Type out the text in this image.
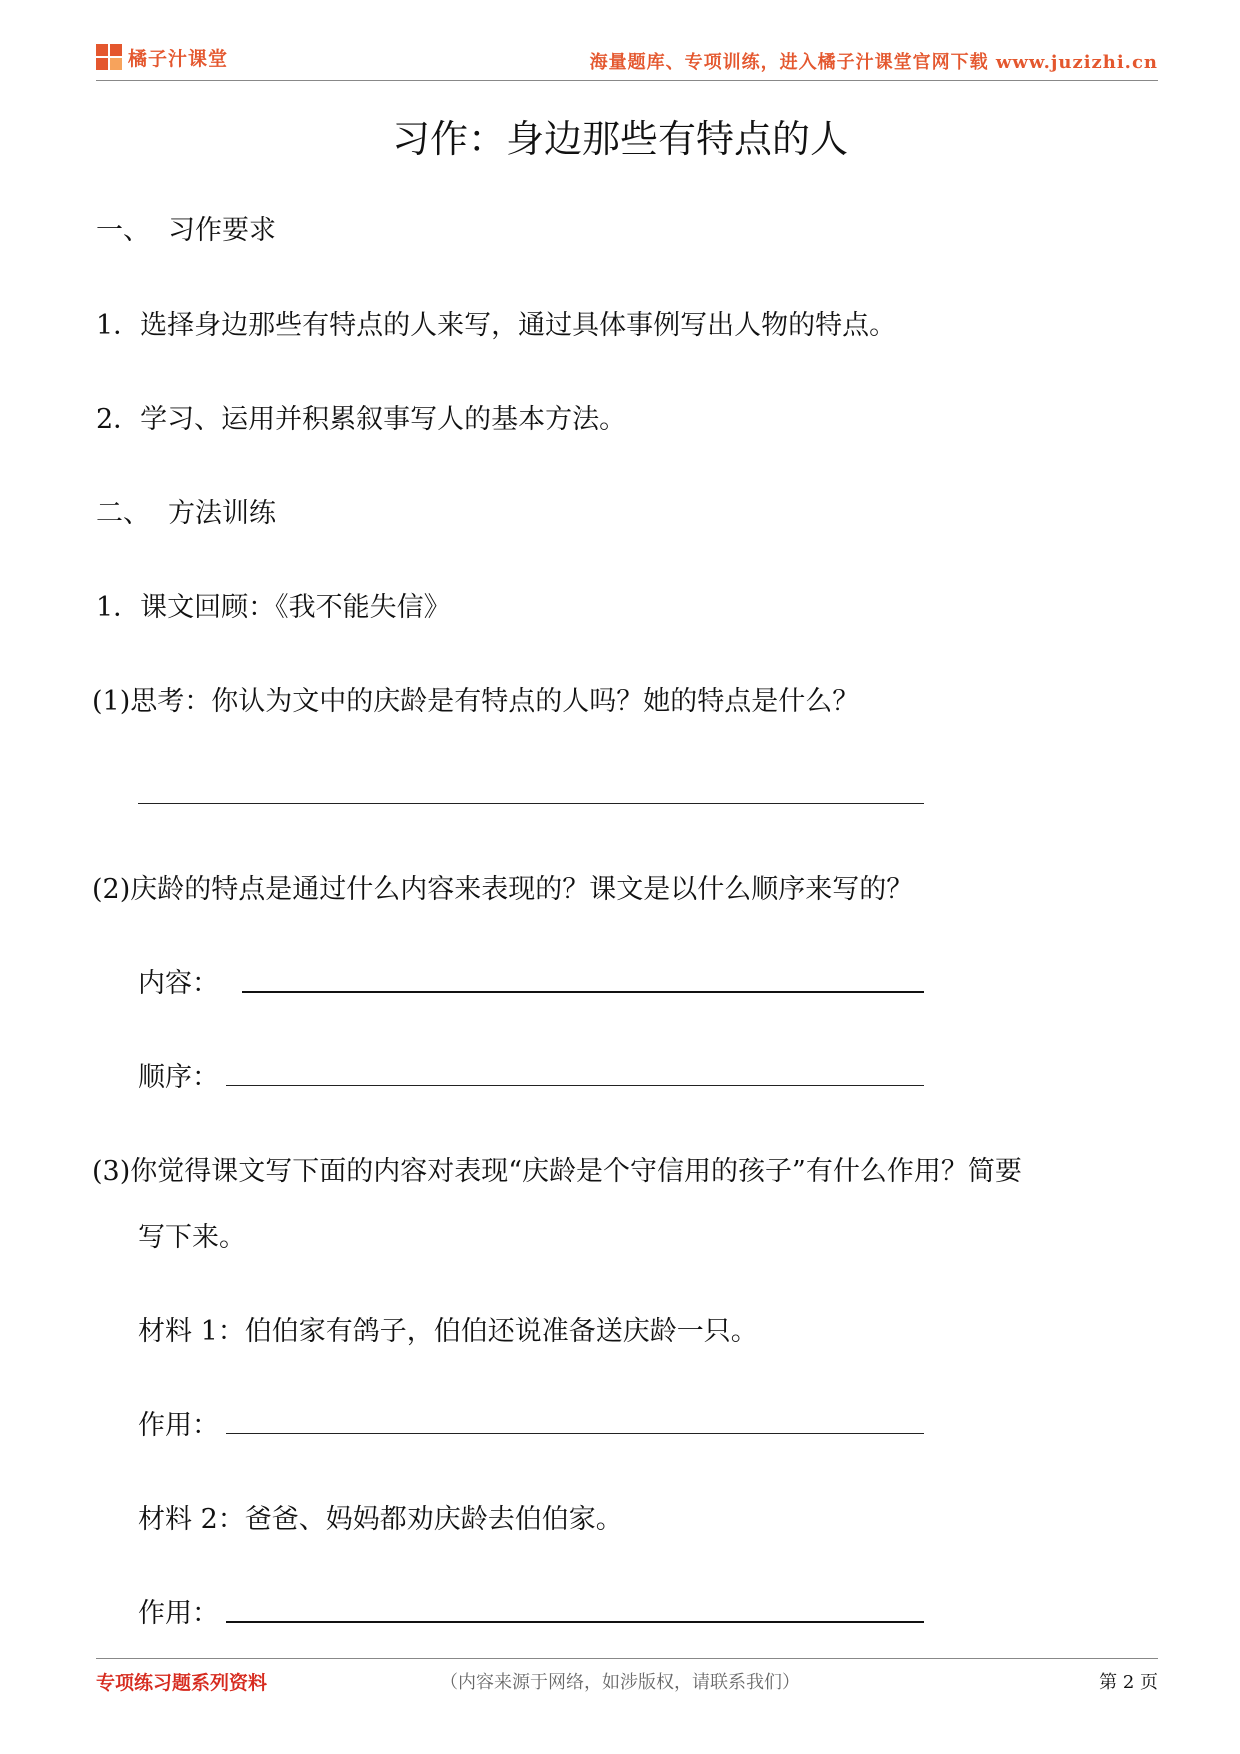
橘子汁课堂	海量题库、专项训练，进入橘子汁课堂官网下载 www.juzizhi.cn
习作：身边那些有特点的人
一、 习作要求
1．选择身边那些有特点的人来写，通过具体事例写出人物的特点。
2．学习、运用并积累叙事写人的基本方法。
二、 方法训练
1．课文回顾：《我不能失信》
(1)思考：你认为文中的庆龄是有特点的人吗？她的特点是什么？
(2)庆龄的特点是通过什么内容来表现的？课文是以什么顺序来写的？
内容：
顺序：
(3)你觉得课文写下面的内容对表现“庆龄是个守信用的孩子”有什么作用？简要
写下来。
材料 1：伯伯家有鸽子，伯伯还说准备送庆龄一只。
作用：
材料 2：爸爸、妈妈都劝庆龄去伯伯家。
作用：
专项练习题系列资料	（内容来源于网络，如涉版权，请联系我们）	第 2 页
